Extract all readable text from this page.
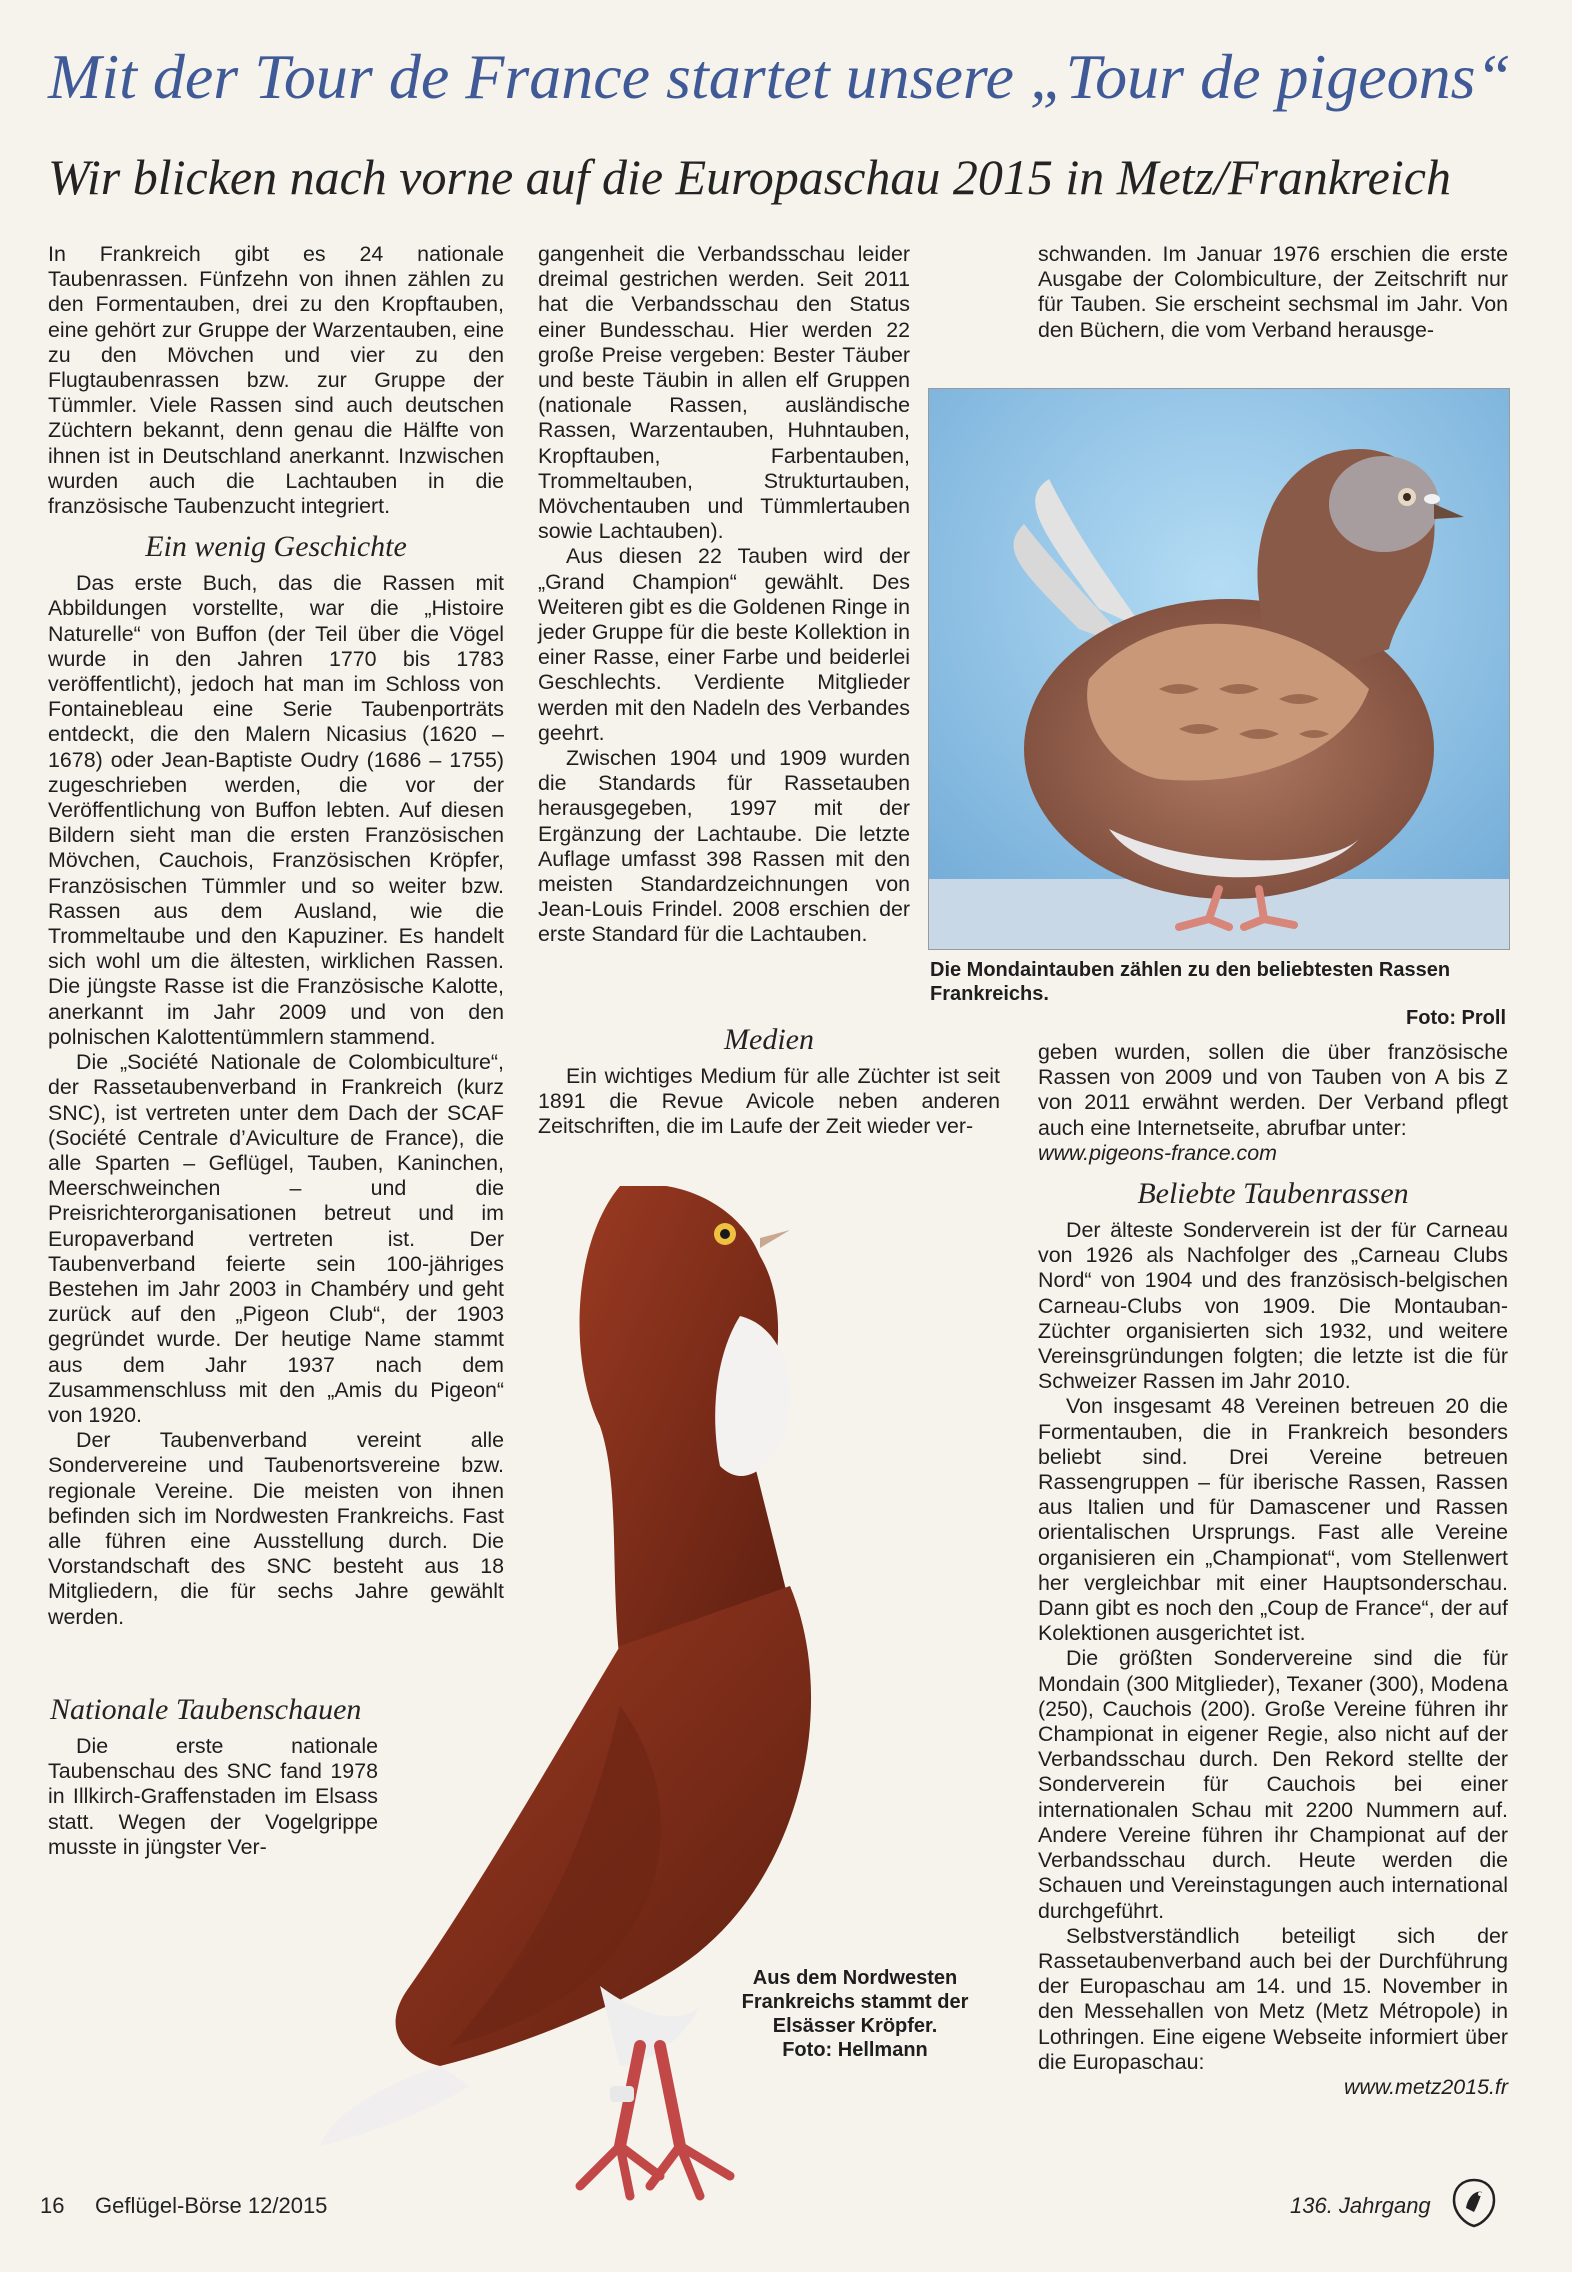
Mit der Tour de France startet unsere „Tour de pigeons“
Wir blicken nach vorne auf die Europaschau 2015 in Metz/Frankreich

In Frankreich gibt es 24 nationale Taubenrassen. Fünfzehn von ihnen zählen zu den Formentauben, drei zu den Kropftauben, eine gehört zur Gruppe der Warzentauben, eine zu den Mövchen und vier zu den Flugtaubenrassen bzw. zur Gruppe der Tümmler. Viele Rassen sind auch deutschen Züchtern bekannt, denn genau die Hälfte von ihnen ist in Deutschland anerkannt. Inzwischen wurden auch die Lachtauben in die französische Taubenzucht integriert.

Ein wenig Geschichte

Das erste Buch, das die Rassen mit Abbildungen vorstellte, war die „Histoire Naturelle“ von Buffon (der Teil über die Vögel wurde in den Jahren 1770 bis 1783 veröffentlicht), jedoch hat man im Schloss von Fontainebleau eine Serie Taubenporträts entdeckt, die den Malern Nicasius (1620 – 1678) oder Jean-Baptiste Oudry (1686 – 1755) zugeschrieben werden, die vor der Veröffentlichung von Buffon lebten. Auf diesen Bildern sieht man die ersten Französischen Mövchen, Cauchois, Französischen Kröpfer, Französischen Tümmler und so weiter bzw. Rassen aus dem Ausland, wie die Trommeltaube und den Kapuziner. Es handelt sich wohl um die ältesten, wirklichen Rassen. Die jüngste Rasse ist die Französische Kalotte, anerkannt im Jahr 2009 und von den polnischen Kalottentümmlern stammend.

Die „Société Nationale de Colombiculture“, der Rassetaubenverband in Frankreich (kurz SNC), ist vertreten unter dem Dach der SCAF (Société Centrale d’Aviculture de France), die alle Sparten – Geflügel, Tauben, Kaninchen, Meerschweinchen – und die Preisrichterorganisationen betreut und im Europaverband vertreten ist. Der Taubenverband feierte sein 100-jähriges Bestehen im Jahr 2003 in Chambéry und geht zurück auf den „Pigeon Club“, der 1903 gegründet wurde. Der heutige Name stammt aus dem Jahr 1937 nach dem Zusammenschluss mit den „Amis du Pigeon“ von 1920.

Der Taubenverband vereint alle Sondervereine und Taubenortsvereine bzw. regionale Vereine. Die meisten von ihnen befinden sich im Nordwesten Frankreichs. Fast alle führen eine Ausstellung durch. Die Vorstandschaft des SNC besteht aus 18 Mitgliedern, die für sechs Jahre gewählt werden.

Nationale Taubenschauen

Die erste nationale Taubenschau des SNC fand 1978 in Illkirch-Graffenstaden im Elsass statt. Wegen der Vogelgrippe musste in jüngster Ver-

gangenheit die Verbandsschau leider dreimal gestrichen werden. Seit 2011 hat die Verbandsschau den Status einer Bundesschau. Hier werden 22 große Preise vergeben: Bester Täuber und beste Täubin in allen elf Gruppen (nationale Rassen, ausländische Rassen, Warzentauben, Huhntauben, Kropftauben, Farbentauben, Trommeltauben, Strukturtauben, Mövchentauben und Tümmlertauben sowie Lachtauben).

Aus diesen 22 Tauben wird der „Grand Champion“ gewählt. Des Weiteren gibt es die Goldenen Ringe in jeder Gruppe für die beste Kollektion in einer Rasse, einer Farbe und beiderlei Geschlechts. Verdiente Mitglieder werden mit den Nadeln des Verbandes geehrt.

Zwischen 1904 und 1909 wurden die Standards für Rassetauben herausgegeben, 1997 mit der Ergänzung der Lachtaube. Die letzte Auflage umfasst 398 Rassen mit den meisten Standardzeichnungen von Jean-Louis Frindel. 2008 erschien der erste Standard für die Lachtauben.

Medien

Ein wichtiges Medium für alle Züchter ist seit 1891 die Revue Avicole neben anderen Zeitschriften, die im Laufe der Zeit wieder ver-

schwanden. Im Januar 1976 erschien die erste Ausgabe der Colombiculture, der Zeitschrift nur für Tauben. Sie erscheint sechsmal im Jahr. Von den Büchern, die vom Verband herausge-

geben wurden, sollen die über französische Rassen von 2009 und von Tauben von A bis Z von 2011 erwähnt werden. Der Verband pflegt auch eine Internetseite, abrufbar unter:

www.pigeons-france.com

Beliebte Taubenrassen

Der älteste Sonderverein ist der für Carneau von 1926 als Nachfolger des „Carneau Clubs Nord“ von 1904 und des französisch-belgischen Carneau-Clubs von 1909. Die Montauban-Züchter organisierten sich 1932, und weitere Vereinsgründungen folgten; die letzte ist die für Schweizer Rassen im Jahr 2010.

Von insgesamt 48 Vereinen betreuen 20 die Formentauben, die in Frankreich besonders beliebt sind. Drei Vereine betreuen Rassengruppen – für iberische Rassen, Rassen aus Italien und für Damascener und Rassen orientalischen Ursprungs. Fast alle Vereine organisieren ein „Championat“, vom Stellenwert her vergleichbar mit einer Hauptsonderschau. Dann gibt es noch den „Coup de France“, der auf Kolektionen ausgerichtet ist.

Die größten Sondervereine sind die für Mondain (300 Mitglieder), Texaner (300), Modena (250), Cauchois (200). Große Vereine führen ihr Championat in eigener Regie, also nicht auf der Verbandsschau durch. Den Rekord stellte der Sonderverein für Cauchois bei einer internationalen Schau mit 2200 Nummern auf. Andere Vereine führen ihr Championat auf der Verbandsschau durch. Heute werden die Schauen und Vereinstagungen auch international durchgeführt.

Selbstverständlich beteiligt sich der Rassetaubenverband auch bei der Durchführung der Europaschau am 14. und 15. November in den Messehallen von Metz (Metz Métropole) in Lothringen. Eine eigene Webseite informiert über die Europaschau:

www.metz2015.fr

Die Mondaintauben zählen zu den beliebtesten Rassen Frankreichs.
Foto: Proll
Aus dem Nordwesten Frankreichs stammt der Elsässer Kröpfer.
Foto: Hellmann
16 Geflügel-Börse 12/2015	136. Jahrgang
